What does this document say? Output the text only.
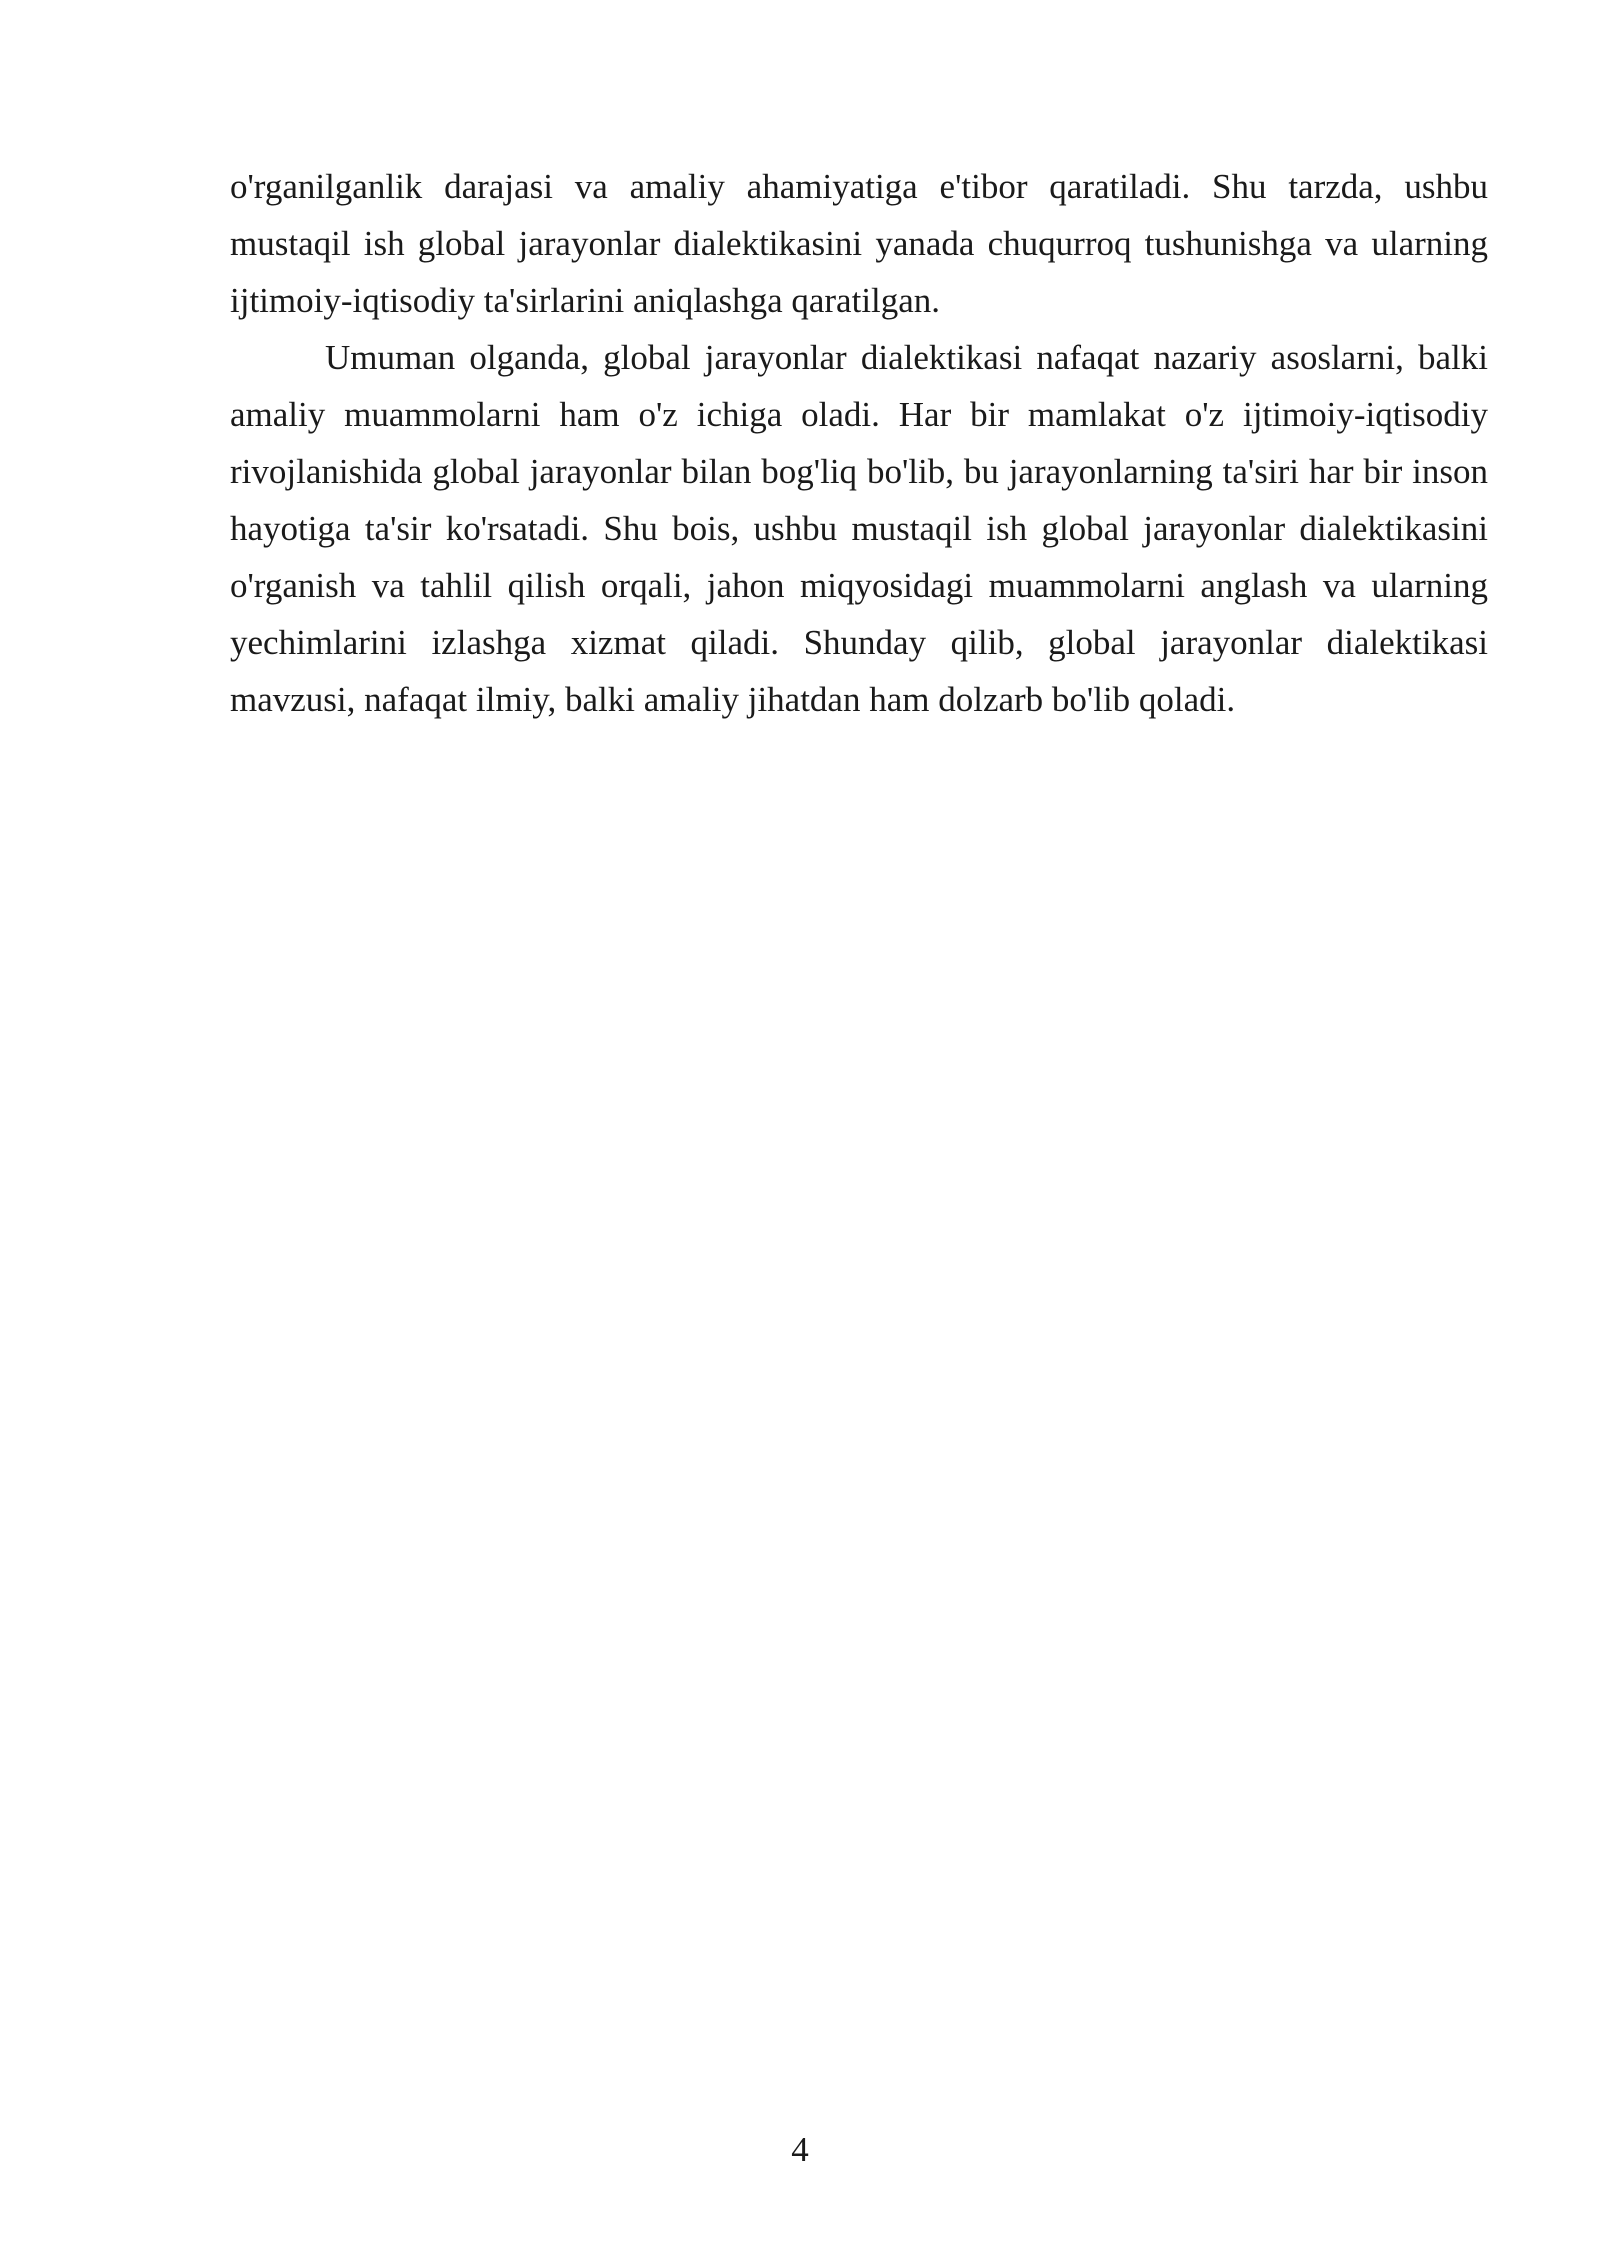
o'rganilganlik darajasi va amaliy ahamiyatiga e'tibor qaratiladi. Shu tarzda, ushbu mustaqil ish global jarayonlar dialektikasini yanada chuqurroq tushunishga va ularning ijtimoiy-iqtisodiy ta'sirlarini aniqlashga qaratilgan.

Umuman olganda, global jarayonlar dialektikasi nafaqat nazariy asoslarni, balki amaliy muammolarni ham o'z ichiga oladi. Har bir mamlakat o'z ijtimoiy-iqtisodiy rivojlanishida global jarayonlar bilan bog'liq bo'lib, bu jarayonlarning ta'siri har bir inson hayotiga ta'sir ko'rsatadi. Shu bois, ushbu mustaqil ish global jarayonlar dialektikasini o'rganish va tahlil qilish orqali, jahon miqyosidagi muammolarni anglash va ularning yechimlarini izlashga xizmat qiladi. Shunday qilib, global jarayonlar dialektikasi mavzusi, nafaqat ilmiy, balki amaliy jihatdan ham dolzarb bo'lib qoladi.

4
